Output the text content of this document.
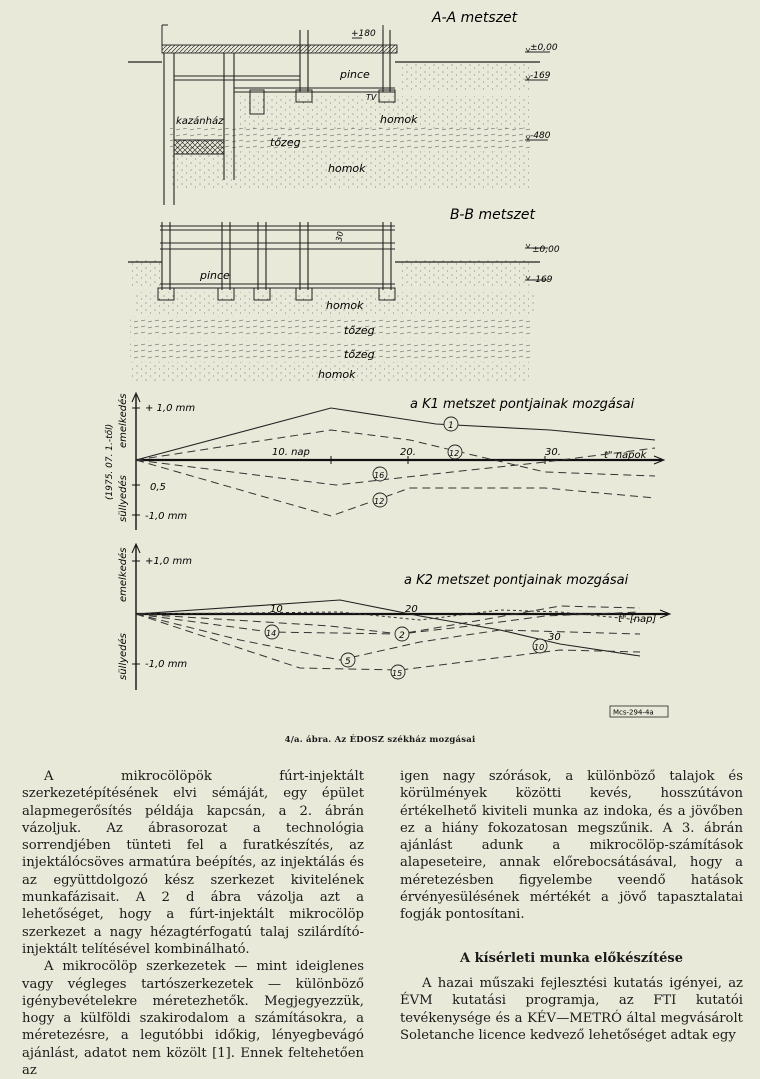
A-A metszet
+180
±0,00
-169
-480
pince
kazánház
TV
homok
tőzeg
homok
B-B metszet
±0,00
-169
30
pince
homok
tőzeg
tőzeg
homok
a K1 metszet pontjainak mozgásai
emelkedés
süllyedés
(1975. 07. 1.-től)
+ 1,0 mm
0,5
-1,0 mm
10. nap	20.	30.	t" napok
1
12
16
12
a K2 metszet pontjainak mozgásai
emelkedés
süllyedés
+1,0 mm
-1,0 mm
10	20
30
t" [nap]
14	2
10
5
15
Mcs-294-4a
4/a. ábra. Az ÉDOSZ székház mozgásai

A mikrocölöpök fúrt-injektált szerkezetépítésének elvi sémáját, egy épület alapmegerősítés példája kapcsán, a 2. ábrán vázoljuk. Az ábrasorozat a technológia sorrendjében tünteti fel a furatkészítés, az injektálócsöves armatúra beépítés, az injektálás és az együttdolgozó kész szerkezet kivitelének munkafázisait. A 2 d ábra vázolja azt a lehetőséget, hogy a fúrt-injektált mikrocölöp szerkezet a nagy hézagtérfogatú talaj szilárdító-injektált telítésével kombinálható.

A mikrocölöp szerkezetek — mint ideiglenes vagy végleges tartószerkezetek — különböző igénybevételekre méretezhetők. Megjegyezzük, hogy a külföldi szakirodalom a számításokra, a méretezésre, a legutóbbi időkig, lényegbevágó ajánlást, adatot nem közölt [1]. Ennek feltehetően az

igen nagy szórások, a különböző talajok és körülmények közötti kevés, hosszútávon értékelhető kiviteli munka az indoka, és a jövőben ez a hiány fokozatosan megszűnik. A 3. ábrán ajánlást adunk a mikrocölöp-számítások alapeseteire, annak előrebocsátásával, hogy a méretezésben figyelembe veendő hatások érvényesülésének mértékét a jövő tapasztalatai fogják pontosítani.

A kísérleti munka előkészítése

A hazai műszaki fejlesztési kutatás igényei, az ÉVM kutatási programja, az FTI kutatói tevékenysége és a KÉV—METRÓ által megvásárolt Soletanche licence kedvező lehetőséget adtak egy
